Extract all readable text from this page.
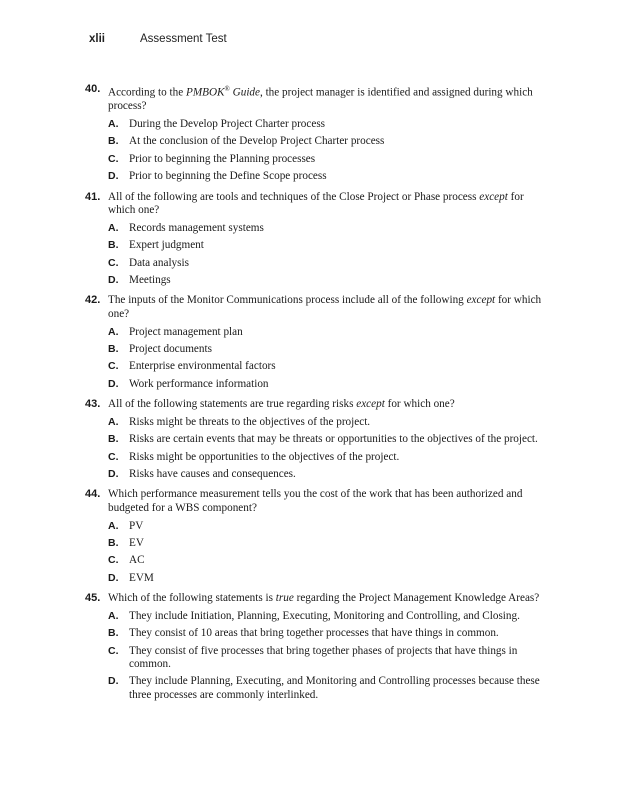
xlii	Assessment Test
40. According to the PMBOK® Guide, the project manager is identified and assigned during which process?
A. During the Develop Project Charter process
B. At the conclusion of the Develop Project Charter process
C. Prior to beginning the Planning processes
D. Prior to beginning the Define Scope process
41. All of the following are tools and techniques of the Close Project or Phase process except for which one?
A. Records management systems
B. Expert judgment
C. Data analysis
D. Meetings
42. The inputs of the Monitor Communications process include all of the following except for which one?
A. Project management plan
B. Project documents
C. Enterprise environmental factors
D. Work performance information
43. All of the following statements are true regarding risks except for which one?
A. Risks might be threats to the objectives of the project.
B. Risks are certain events that may be threats or opportunities to the objectives of the project.
C. Risks might be opportunities to the objectives of the project.
D. Risks have causes and consequences.
44. Which performance measurement tells you the cost of the work that has been authorized and budgeted for a WBS component?
A. PV
B. EV
C. AC
D. EVM
45. Which of the following statements is true regarding the Project Management Knowledge Areas?
A. They include Initiation, Planning, Executing, Monitoring and Controlling, and Closing.
B. They consist of 10 areas that bring together processes that have things in common.
C. They consist of five processes that bring together phases of projects that have things in common.
D. They include Planning, Executing, and Monitoring and Controlling processes because these three processes are commonly interlinked.
